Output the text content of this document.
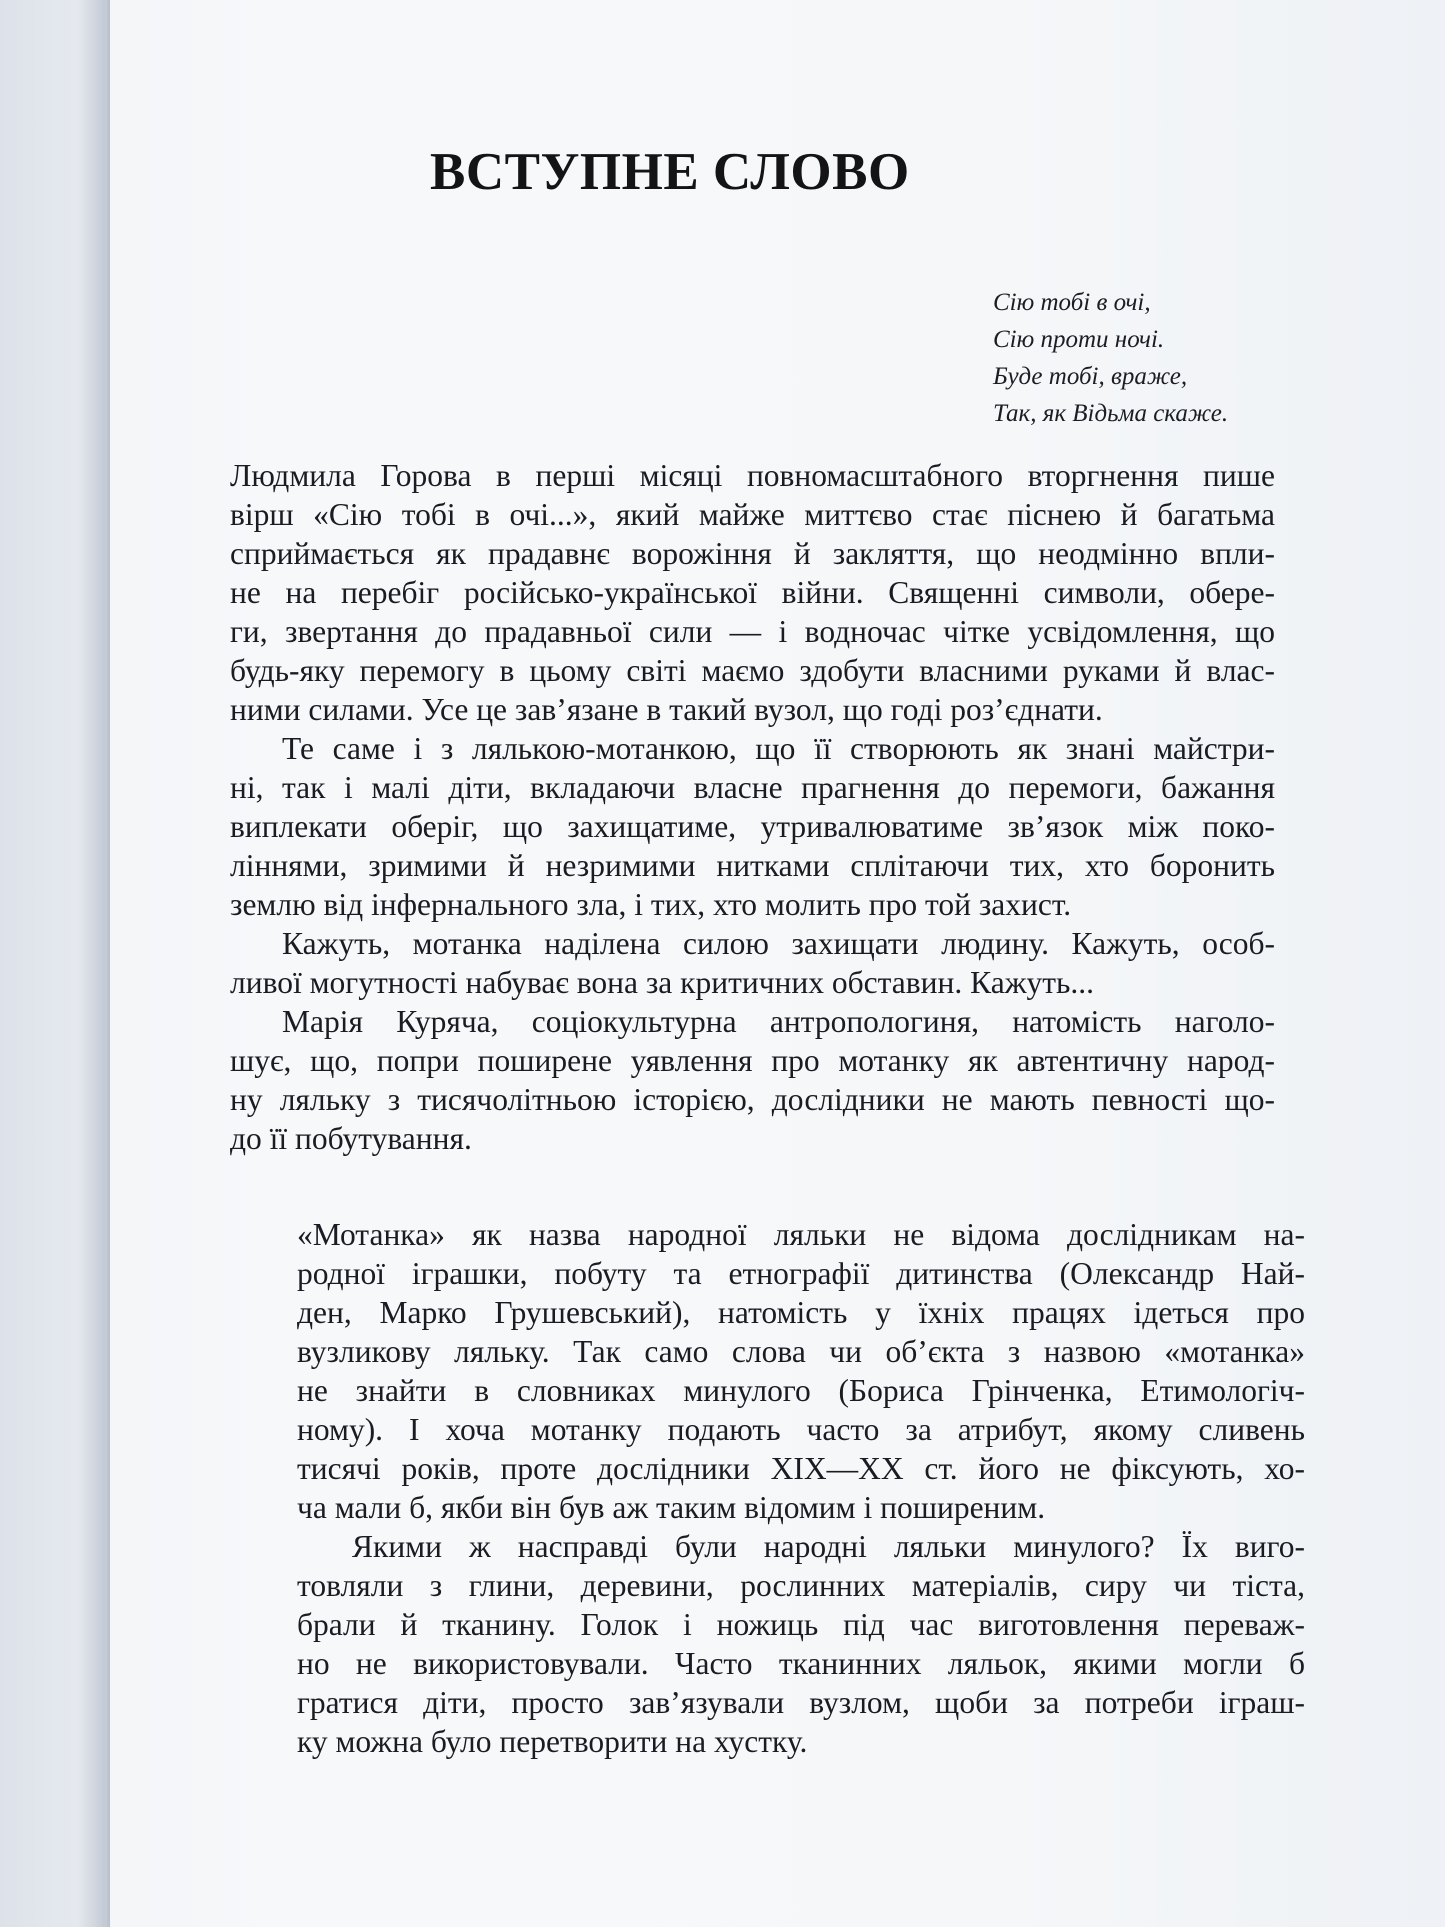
ВСТУПНЕ СЛОВО
Сію тобі в очі,
Сію проти ночі.
Буде тобі, враже,
Так, як Відьма скаже.
Людмила Горова в перші місяці повномасштабного вторгнення пише
вірш «Сію тобі в очі...», який майже миттєво стає піснею й багатьма
сприймається як прадавнє ворожіння й закляття, що неодмінно впли-
не на перебіг російсько-української війни. Священні символи, обере-
ги, звертання до прадавньої сили — і водночас чітке усвідомлення, що
будь-яку перемогу в цьому світі маємо здобути власними руками й влас-
ними силами. Усе це зав’язане в такий вузол, що годі роз’єднати.
Те саме і з лялькою-мотанкою, що її створюють як знані майстри-
ні, так і малі діти, вкладаючи власне прагнення до перемоги, бажання
виплекати оберіг, що захищатиме, утривалюватиме зв’язок між поко-
ліннями, зримими й незримими нитками сплітаючи тих, хто боронить
землю від інфернального зла, і тих, хто молить про той захист.
Кажуть, мотанка наділена силою захищати людину. Кажуть, особ-
ливої могутності набуває вона за критичних обставин. Кажуть...
Марія Куряча, соціокультурна антропологиня, натомість наголо-
шує, що, попри поширене уявлення про мотанку як автентичну народ-
ну ляльку з тисячолітньою історією, дослідники не мають певності що-
до її побутування.
«Мотанка» як назва народної ляльки не відома дослідникам на-
родної іграшки, побуту та етнографії дитинства (Олександр Най-
ден, Марко Грушевський), натомість у їхніх працях ідеться про
вузликову ляльку. Так само слова чи об’єкта з назвою «мотанка»
не знайти в словниках минулого (Бориса Грінченка, Етимологіч-
ному). І хоча мотанку подають часто за атрибут, якому сливень
тисячі років, проте дослідники XIX—XX ст. його не фіксують, хо-
ча мали б, якби він був аж таким відомим і поширеним.
Якими ж насправді були народні ляльки минулого? Їх виго-
товляли з глини, деревини, рослинних матеріалів, сиру чи тіста,
брали й тканину. Голок і ножиць під час виготовлення переваж-
но не використовували. Часто тканинних ляльок, якими могли б
гратися діти, просто зав’язували вузлом, щоби за потреби іграш-
ку можна було перетворити на хустку.
